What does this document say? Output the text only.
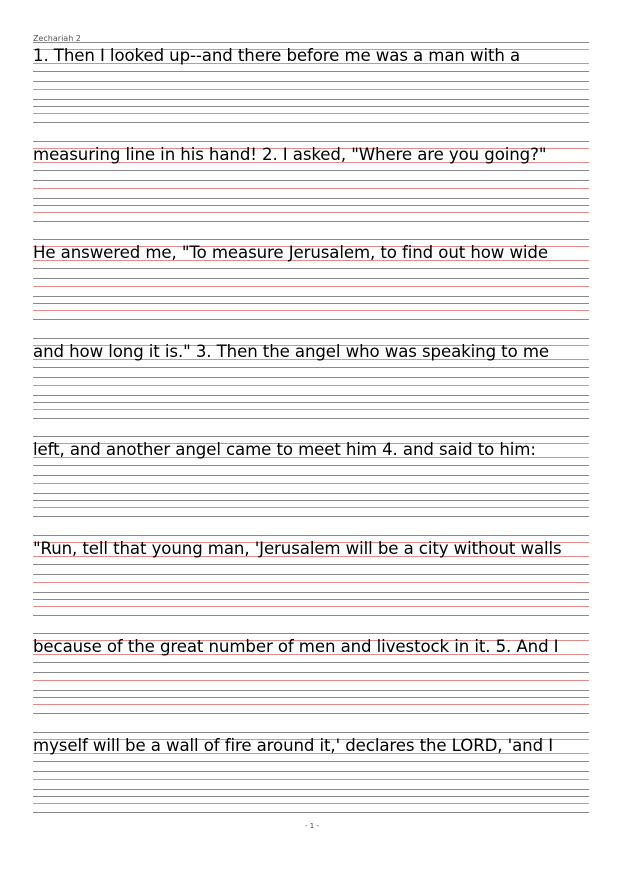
Zechariah 2
1. Then I looked up--and there before me was a man with a
measuring line in his hand! 2. I asked, "Where are you going?"
He answered me, "To measure Jerusalem, to find out how wide
and how long it is." 3. Then the angel who was speaking to me
left, and another angel came to meet him 4. and said to him:
"Run, tell that young man, 'Jerusalem will be a city without walls
because of the great number of men and livestock in it. 5. And I
myself will be a wall of fire around it,' declares the LORD, 'and I
- 1 -
